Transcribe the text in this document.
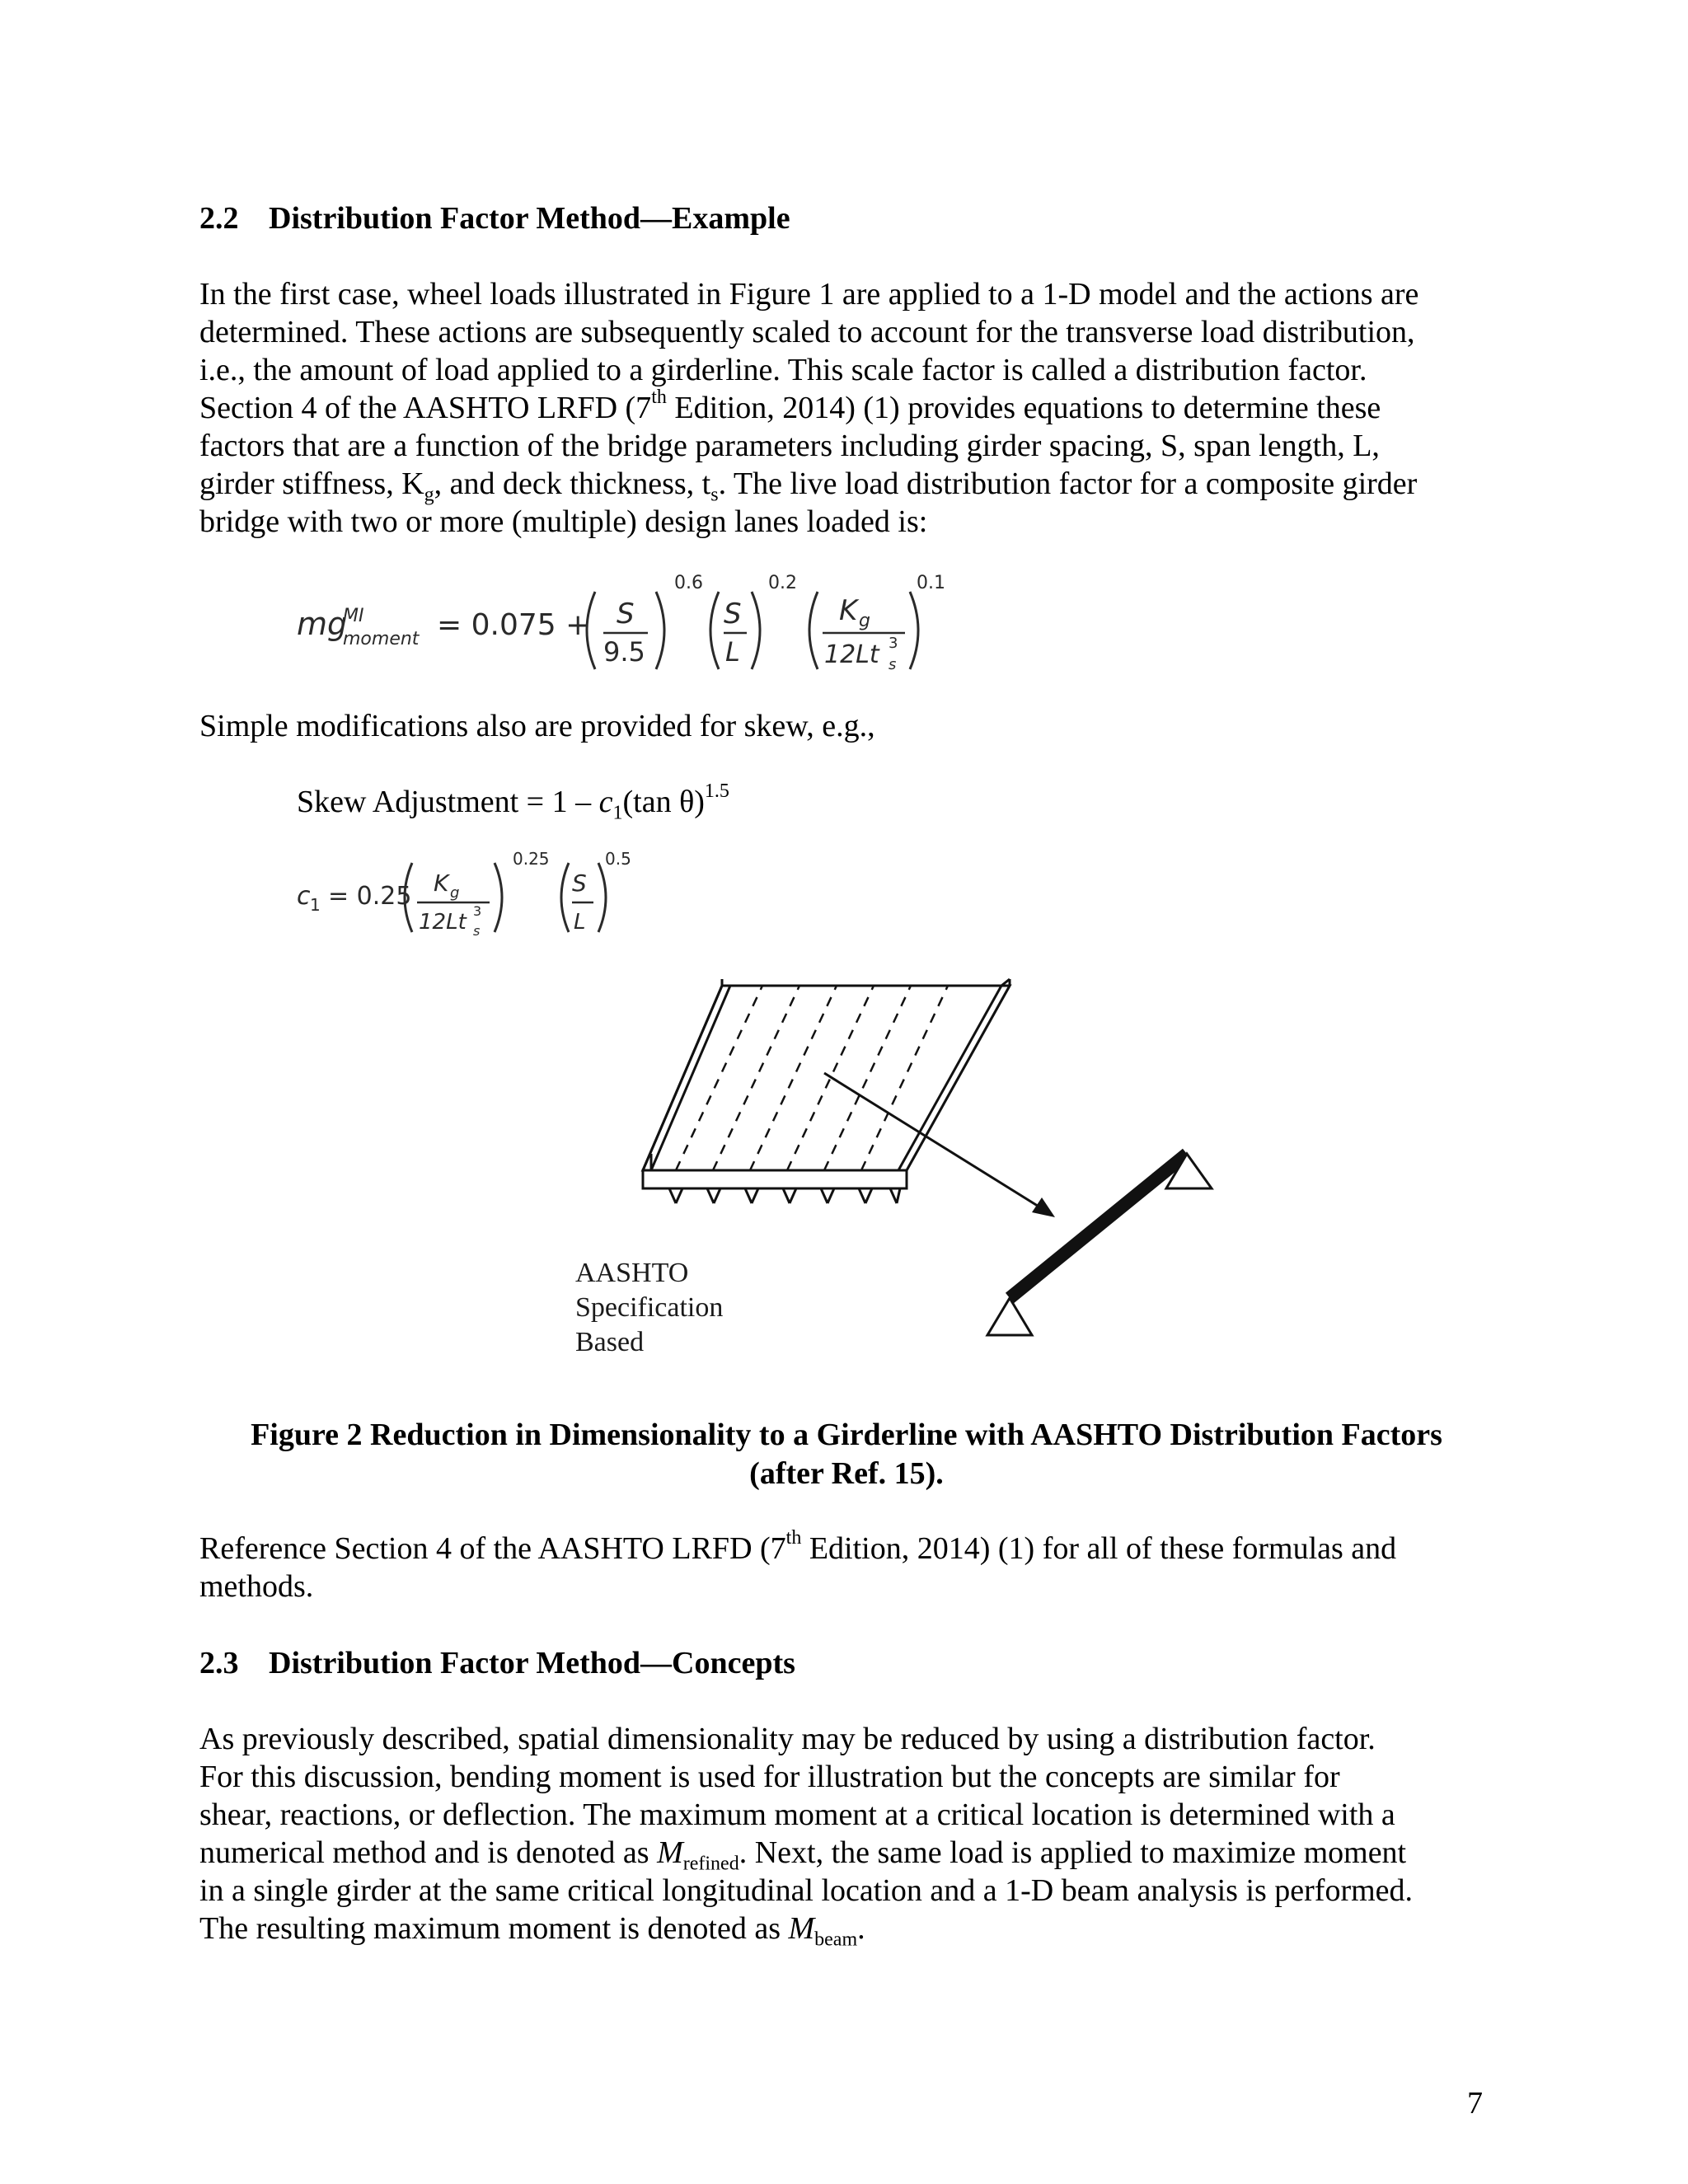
2.2 Distribution Factor Method—Example
In the first case, wheel loads illustrated in Figure 1 are applied to a 1-D model and the actions are
determined. These actions are subsequently scaled to account for the transverse load distribution,
i.e., the amount of load applied to a girderline. This scale factor is called a distribution factor.
Section 4 of the AASHTO LRFD (7th Edition, 2014) (1) provides equations to determine these
factors that are a function of the bridge parameters including girder spacing, S, span length, L,
girder stiffness, $K_g$, and deck thickness, $t_s$. The live load distribution factor for a composite girder
bridge with two or more (multiple) design lanes loaded is:
mg
MI
moment = 0.075 + S
9.5
0.6
S
L
0.2
K g
12Lt 3
s
0.1
Simple modifications also are provided for skew, e.g.,
Skew Adjustment = $1 - c_1(\tan$ θ)$^{1.5}$
c 1 = 0.25 K g
12Lt 3
s
0.25
S
L
0.5
AASHTO
Specification
Based
Figure 2 Reduction in Dimensionality to a Girderline with AASHTO Distribution Factors
(after Ref. 15).
Reference Section 4 of the AASHTO LRFD (7th Edition, 2014) (1) for all of these formulas and
methods.
2.3 Distribution Factor Method—Concepts
As previously described, spatial dimensionality may be reduced by using a distribution factor.
For this discussion, bending moment is used for illustration but the concepts are similar for
shear, reactions, or deflection. The maximum moment at a critical location is determined with a
numerical method and is denoted as $M_{refined}$. Next, the same load is applied to maximize moment
in a single girder at the same critical longitudinal location and a 1-D beam analysis is performed.
The resulting maximum moment is denoted as $M_{beam}$.
7
